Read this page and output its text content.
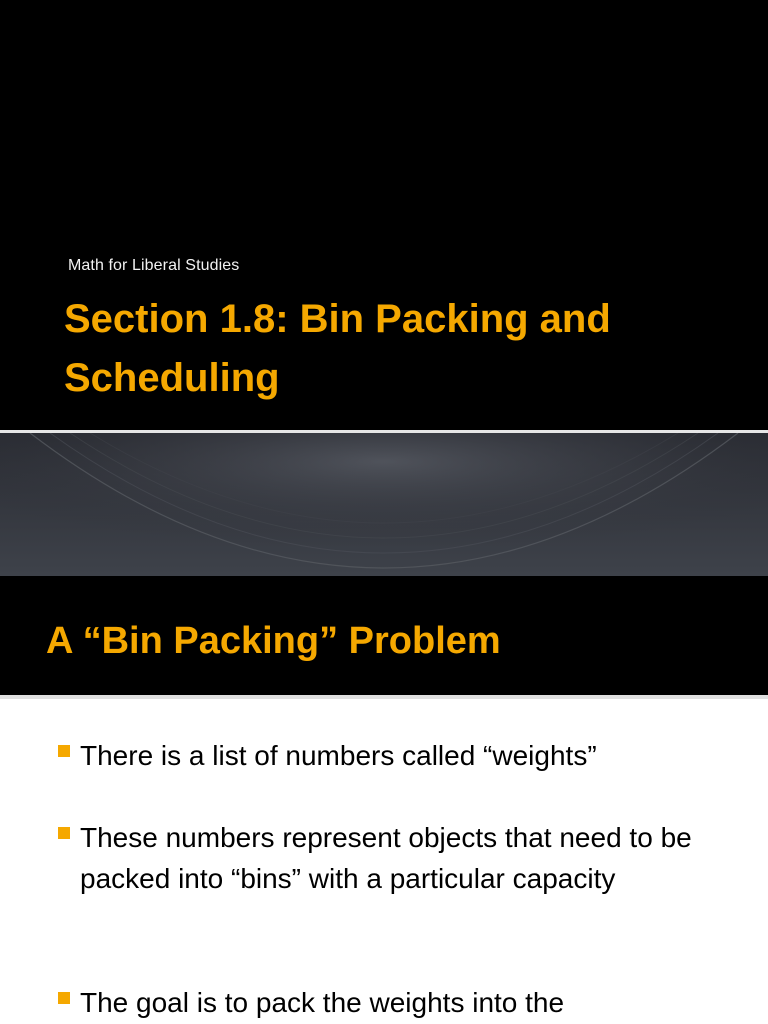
Math for Liberal Studies
Section 1.8: Bin Packing and Scheduling
A “Bin Packing” Problem
There is a list of numbers called “weights”
These numbers represent objects that need to be packed into “bins” with a particular capacity
The goal is to pack the weights into the
